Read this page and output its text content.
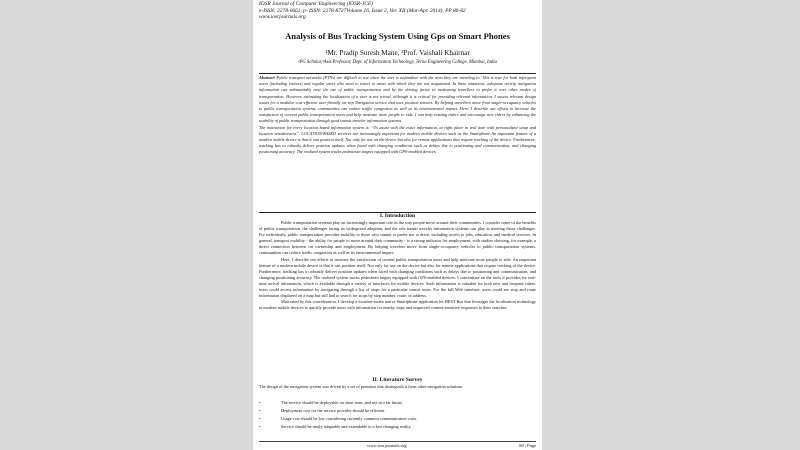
IOSR Journal of Computer Engineering (IOSR-JCE)
e-ISSN: 2278-0661, p- ISSN: 2278-8727Volume 16, Issue 2, Ver. XII (Mar-Apr. 2014), PP 80-82
www.iosrjournals.org
Analysis of Bus Tracking System Using Gps on Smart Phones
¹Mr. Pradip Suresh Mane, ²Prof. Vaishali Khairnar
¹PG Scholar,²Asst.Professor, Dept. of Information Technology, Terna Engineering College, Mumbai, India

Abstract: Public transport networks (PTNs) are difficult to use when the user is unfamiliar with the area they are traveling to. This is true for both infrequent users (including visitors) and regular users who need to travel to areas with which they are not acquainted. In these situations, adequate on-trip navigation information can substantially ease the use of public transportation and be the driving factor in motivating travellers to prefer it over other modes of transportation. However, estimating the localization of a user is not trivial, although it is critical for providing relevant information. I assess relevant design issues for a modular cost-efficient user-friendly on-trip Navigation service that uses position sensors. By helping travellers move from single-occupancy vehicles to public transportation systems, communities can reduce traffic congestion as well as its environmental impact. Here, I describe our efforts to increase the satisfaction of current public transportation users and help motivate more people to ride. I can help existing riders and encourage new riders by enhancing the usability of public transportation through good transit traveler information systems.

The motivation for every location based information system is: “To assist with the exact information, at right place in real time with personalized setup and location sensitiveness”. LOCATION-BASED services are increasingly important for modern mobile devices such as the Smartphone.An important feature of a modern mobile device is that it can position itself. Not only for use on the device but also for remote applications that require tracking of the device. Furthermore, tracking has to robustly deliver position updates when faced with changing conditions such as delays due to positioning and communication, and changing positioning accuracy. The realized system tracks pedestrian targets equipped with GPS-enabled devices.

I. Introduction

Public transportation systems play an increasingly important role in the way people move around their communities. I consider some of the benefits of public transportation, the challenges facing its widespread adoption, and the role transit traveler information systems can play in meeting those challenges. For individuals, public transportation provides mobility to those who cannot or prefer not to drive, including access to jobs, education, and medical services. In general, transport mobility - the ability for people to move around their community - is a strong indicator for employment, with studies showing, for example, a direct connection between car ownership and employment. By helping travelers move from single-occupancy vehicles to public transportation systems, communities can reduce traffic congestion as well as its environmental impact.

Here, I describe our efforts to increase the satisfaction of current public transportation users and help motivate more people to ride. An important feature of a modern mobile device is that it can position itself. Not only for use on the device but also for remote applications that require tracking of the device. Furthermore, tracking has to robustly deliver position updates when faced with changing conditions such as delays due to positioning and communication, and changing positioning accuracy. The realized system tracks pedestrian targets equipped with GPS-enabled devices. I concentrate on the tools it provides for real-time arrival information, which is available through a variety of interfaces for mobile devices. Such information is valuable for both new and frequent riders. users could access information by navigating through a list of stops for a particular transit route. For the full Web interface, users could see stop and route information displayed on a map but still had to search for stops by stop number, route, or address.

Motivated by this consideration, I develop a location-aware native Smartphone application for BEST Bus that leverages the localization technology in modern mobile devices to quickly provide users with information for nearby stops and improved context-sensitive responses to their searches

II. Literature Survey

The design of the navigation system was driven by a set of premises that distinguish it from other navigation solutions.

•	The service should be deployable on short term, and not in a far future.
•	Deployment cost for the service provider should be efficient.
•	Usage cost should be low considering currently common communication costs.
•	Service should be easily adaptable and extendable to a fast changing reality.
www.iosrjournals.org	80 | Page
